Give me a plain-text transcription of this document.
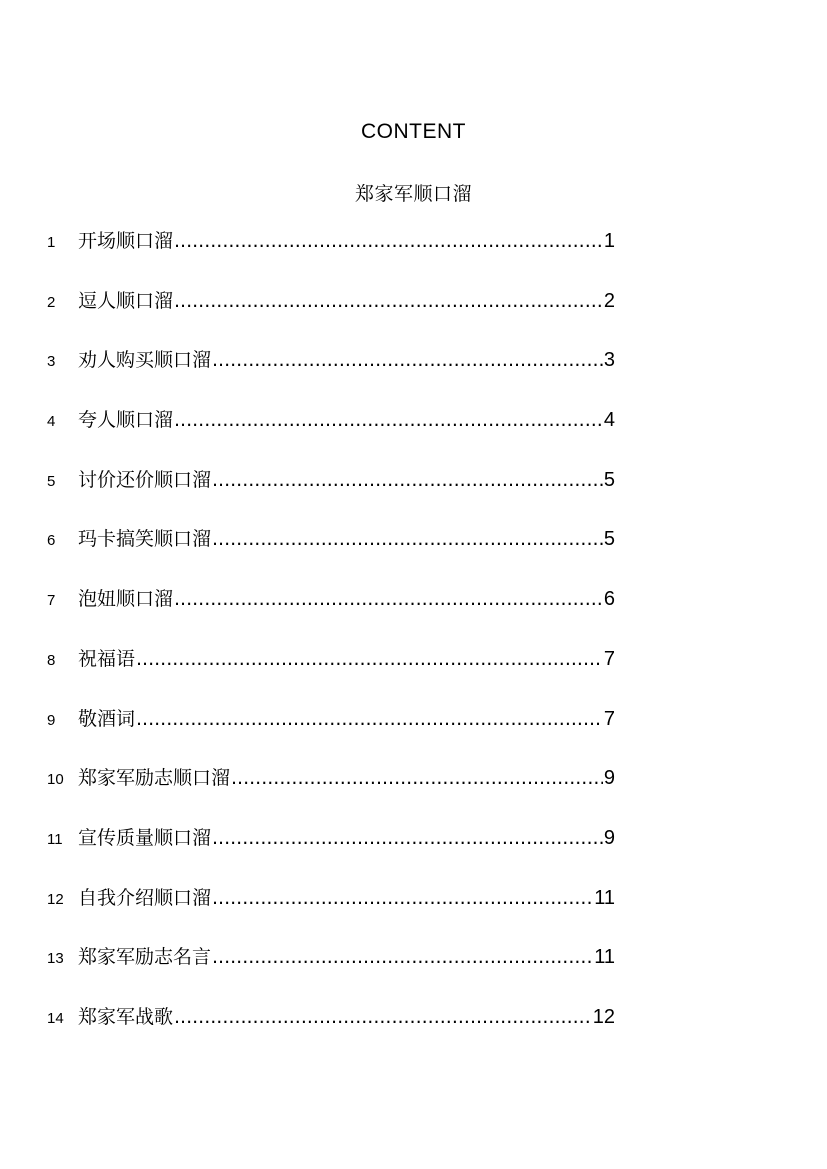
CONTENT
郑家军顺口溜
1	开场顺口溜 .....	1
2	逗人顺口溜 .....	2
3	劝人购买顺口溜 .....	3
4	夸人顺口溜 .....	4
5	讨价还价顺口溜 .....	5
6	玛卡搞笑顺口溜 .....	5
7	泡妞顺口溜 .....	6
8	祝福语 .....	7
9	敬酒词 .....	7
10 郑家军励志顺口溜 .....	9
11 宣传质量顺口溜 .....	9
12 自我介绍顺口溜 .....	11
13 郑家军励志名言 .....	11
14 郑家军战歌 .....	12
